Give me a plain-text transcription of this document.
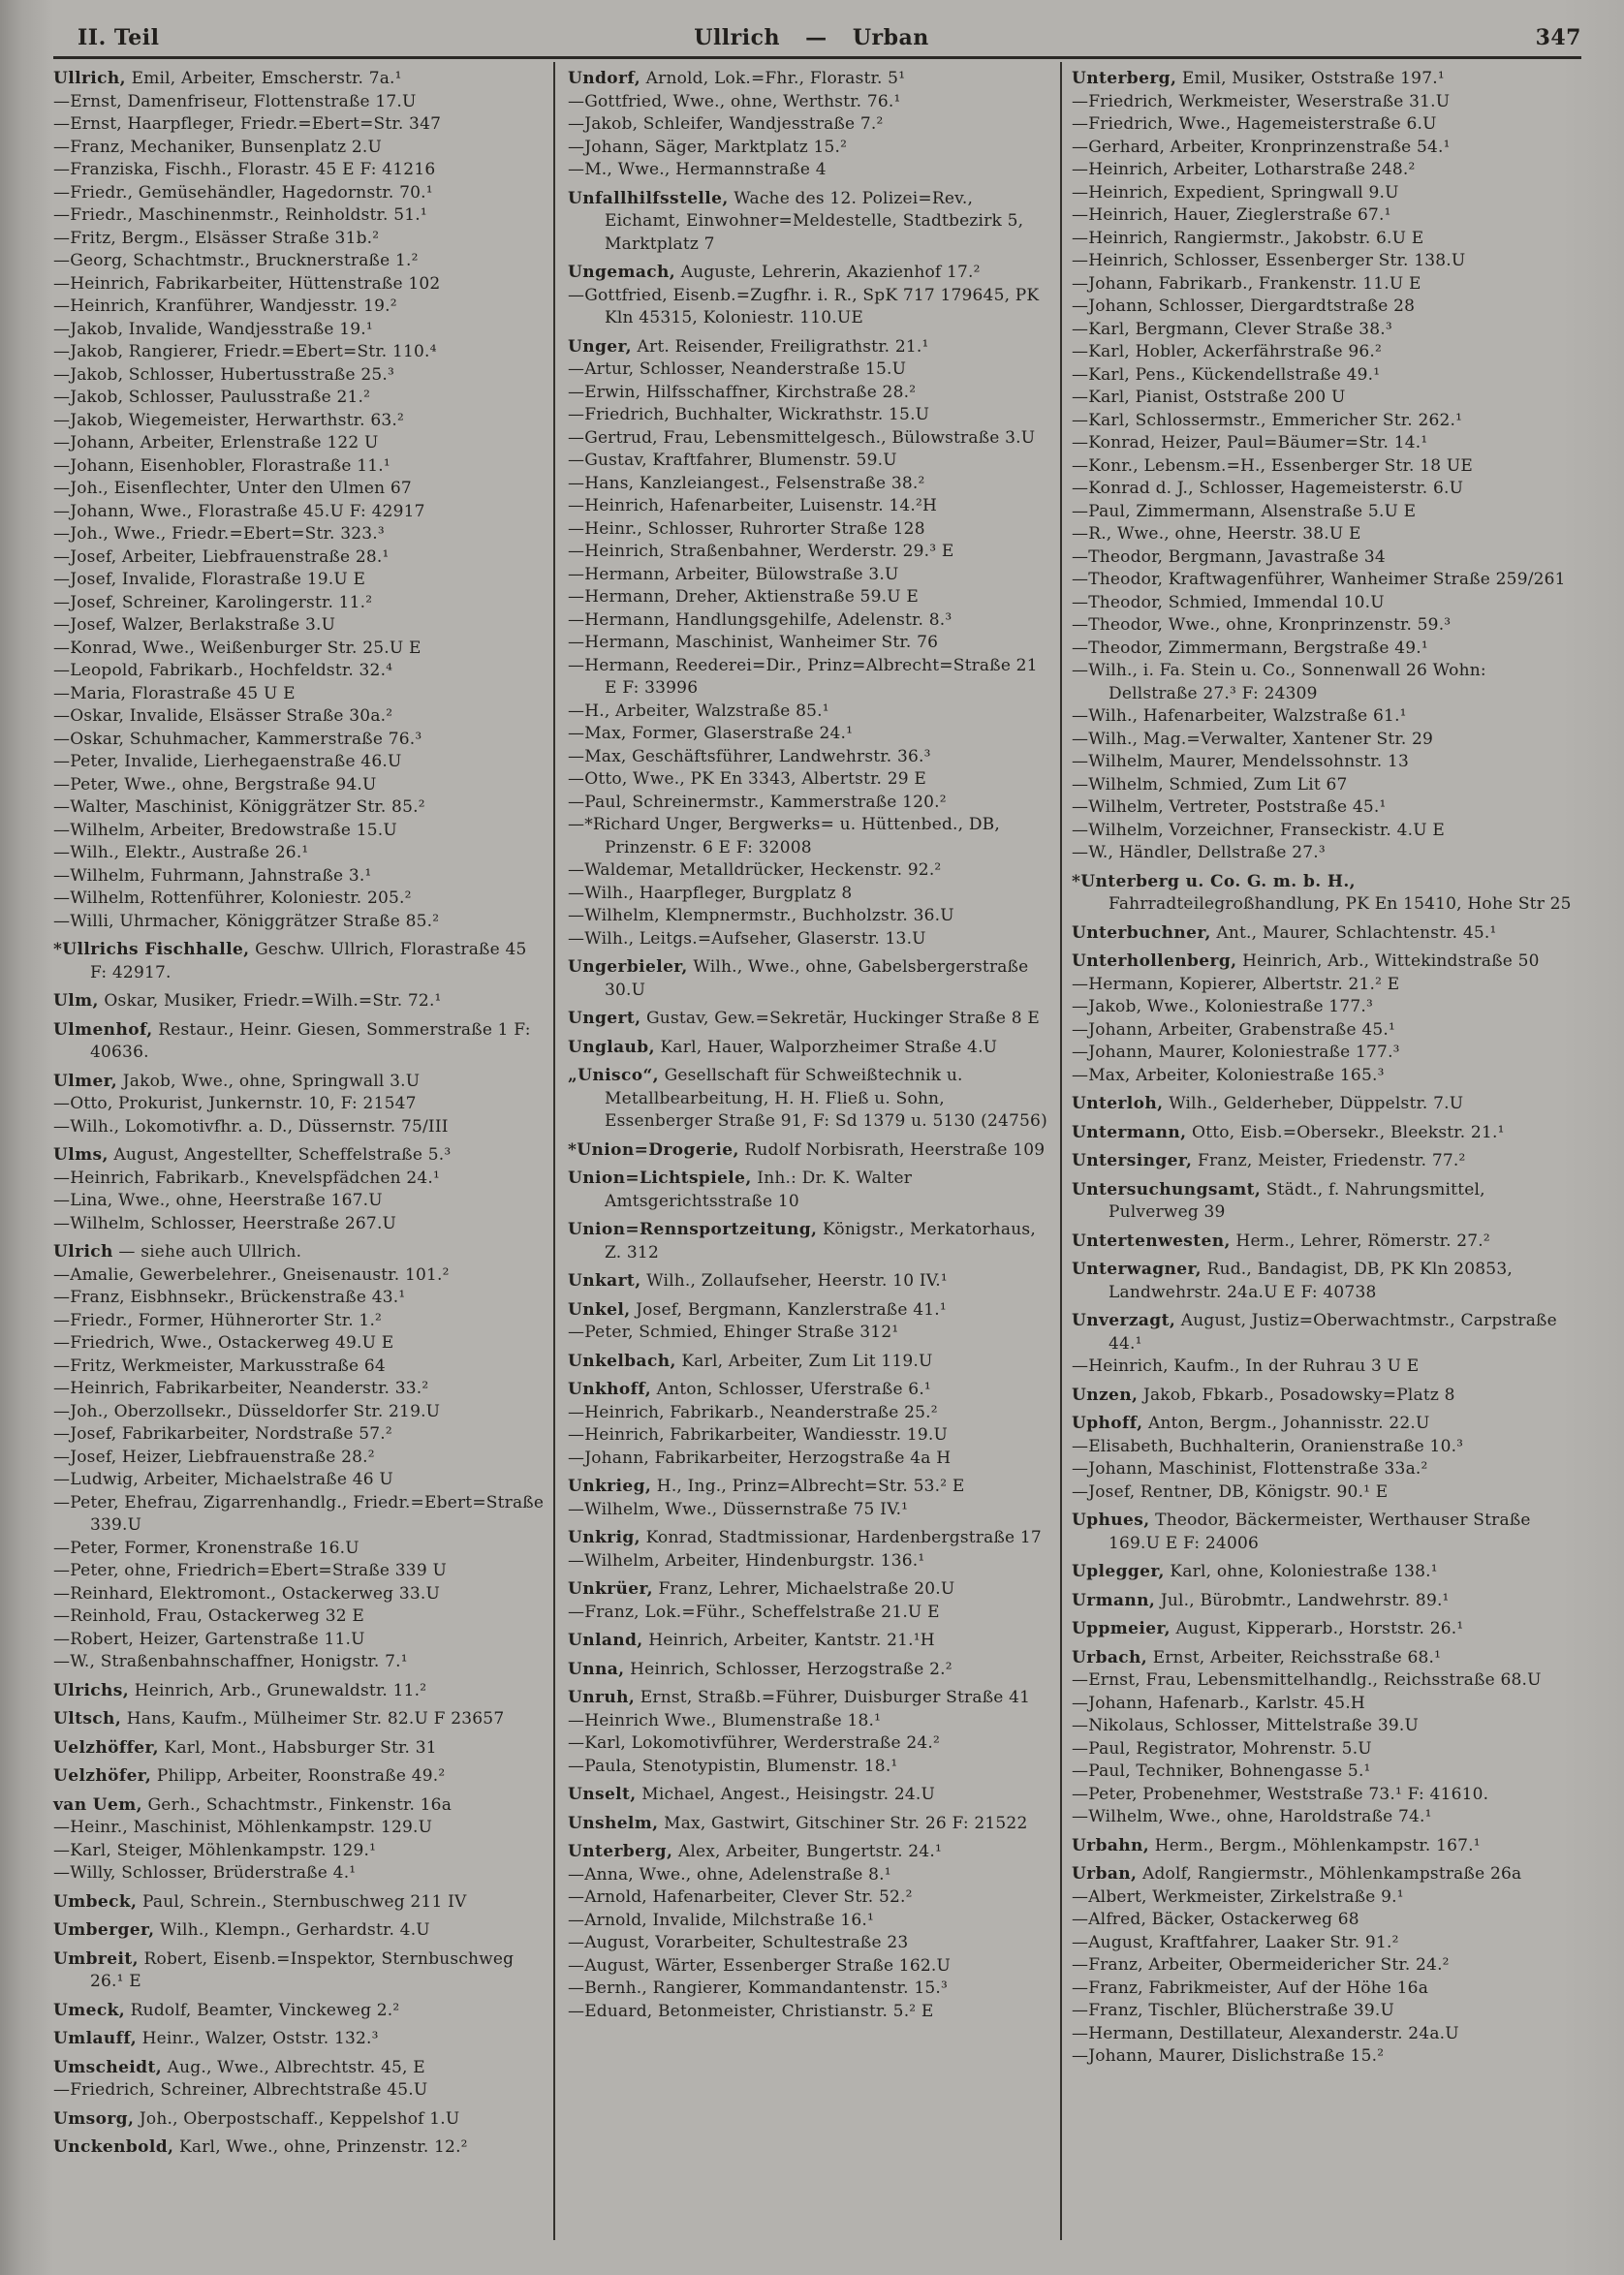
II. Teil	Ullrich — Urban	347
Ullrich, Emil, Arbeiter, Emscherstr. 7a.¹
—Ernst, Damenfriseur, Flottenstraße 17.U
—Ernst, Haarpfleger, Friedr.=Ebert=Str. 347
—Franz, Mechaniker, Bunsenplatz 2.U
—Franziska, Fischh., Florastr. 45 E F: 41216
—Friedr., Gemüsehändler, Hagedornstr. 70.¹
—Friedr., Maschinenmstr., Reinholdstr. 51.¹
—Fritz, Bergm., Elsässer Straße 31b.²
—Georg, Schachtmstr., Brucknerstraße 1.²
—Heinrich, Fabrikarbeiter, Hüttenstraße 102
—Heinrich, Kranführer, Wandjesstr. 19.²
—Jakob, Invalide, Wandjesstraße 19.¹
—Jakob, Rangierer, Friedr.=Ebert=Str. 110.⁴
—Jakob, Schlosser, Hubertusstraße 25.³
—Jakob, Schlosser, Paulusstraße 21.²
—Jakob, Wiegemeister, Herwarthstr. 63.²
—Johann, Arbeiter, Erlenstraße 122 U
—Johann, Eisenhobler, Florastraße 11.¹
—Joh., Eisenflechter, Unter den Ulmen 67
—Johann, Wwe., Florastraße 45.U F: 42917
—Joh., Wwe., Friedr.=Ebert=Str. 323.³
—Josef, Arbeiter, Liebfrauenstraße 28.¹
—Josef, Invalide, Florastraße 19.U E
—Josef, Schreiner, Karolingerstr. 11.²
—Josef, Walzer, Berlakstraße 3.U
—Konrad, Wwe., Weißenburger Str. 25.U E
—Leopold, Fabrikarb., Hochfeldstr. 32.⁴
—Maria, Florastraße 45 U E
—Oskar, Invalide, Elsässer Straße 30a.²
—Oskar, Schuhmacher, Kammerstraße 76.³
—Peter, Invalide, Lierhegaenstraße 46.U
—Peter, Wwe., ohne, Bergstraße 94.U
—Walter, Maschinist, Königgrätzer Str. 85.²
—Wilhelm, Arbeiter, Bredowstraße 15.U
—Wilh., Elektr., Austraße 26.¹
—Wilhelm, Fuhrmann, Jahnstraße 3.¹
—Wilhelm, Rottenführer, Koloniestr. 205.²
—Willi, Uhrmacher, Königgrätzer Straße 85.²
*Ullrichs Fischhalle, Geschw. Ullrich, Florastraße 45 F: 42917.
Ulm, Oskar, Musiker, Friedr.=Wilh.=Str. 72.¹
Ulmenhof, Restaur., Heinr. Giesen, Sommerstraße 1 F: 40636.
Ulmer, Jakob, Wwe., ohne, Springwall 3.U
—Otto, Prokurist, Junkernstr. 10, F: 21547
—Wilh., Lokomotivfhr. a. D., Düssernstr. 75/III
Ulms, August, Angestellter, Scheffelstraße 5.³
—Heinrich, Fabrikarb., Knevelspfädchen 24.¹
—Lina, Wwe., ohne, Heerstraße 167.U
—Wilhelm, Schlosser, Heerstraße 267.U
Ulrich — siehe auch Ullrich.
—Amalie, Gewerbelehrer., Gneisenaustr. 101.²
—Franz, Eisbhnsekr., Brückenstraße 43.¹
—Friedr., Former, Hühnerorter Str. 1.²
—Friedrich, Wwe., Ostackerweg 49.U E
—Fritz, Werkmeister, Markusstraße 64
—Heinrich, Fabrikarbeiter, Neanderstr. 33.²
—Joh., Oberzollsekr., Düsseldorfer Str. 219.U
—Josef, Fabrikarbeiter, Nordstraße 57.²
—Josef, Heizer, Liebfrauenstraße 28.²
—Ludwig, Arbeiter, Michaelstraße 46 U
—Peter, Ehefrau, Zigarrenhandlg., Friedr.=Ebert=Straße 339.U
—Peter, Former, Kronenstraße 16.U
—Peter, ohne, Friedrich=Ebert=Straße 339 U
—Reinhard, Elektromont., Ostackerweg 33.U
—Reinhold, Frau, Ostackerweg 32 E
—Robert, Heizer, Gartenstraße 11.U
—W., Straßenbahnschaffner, Honigstr. 7.¹
Ulrichs, Heinrich, Arb., Grunewaldstr. 11.²
Ultsch, Hans, Kaufm., Mülheimer Str. 82.U F 23657
Uelzhöffer, Karl, Mont., Habsburger Str. 31
Uelzhöfer, Philipp, Arbeiter, Roonstraße 49.²
van Uem, Gerh., Schachtmstr., Finkenstr. 16a
—Heinr., Maschinist, Möhlenkampstr. 129.U
—Karl, Steiger, Möhlenkampstr. 129.¹
—Willy, Schlosser, Brüderstraße 4.¹
Umbeck, Paul, Schrein., Sternbuschweg 211 IV
Umberger, Wilh., Klempn., Gerhardstr. 4.U
Umbreit, Robert, Eisenb.=Inspektor, Sternbuschweg 26.¹ E
Umeck, Rudolf, Beamter, Vinckeweg 2.²
Umlauff, Heinr., Walzer, Oststr. 132.³
Umscheidt, Aug., Wwe., Albrechtstr. 45, E
—Friedrich, Schreiner, Albrechtstraße 45.U
Umsorg, Joh., Oberpostschaff., Keppelshof 1.U
Unckenbold, Karl, Wwe., ohne, Prinzenstr. 12.²
Undorf, Arnold, Lok.=Fhr., Florastr. 5¹
—Gottfried, Wwe., ohne, Werthstr. 76.¹
—Jakob, Schleifer, Wandjesstraße 7.²
—Johann, Säger, Marktplatz 15.²
—M., Wwe., Hermannstraße 4
Unfallhilfsstelle, Wache des 12. Polizei=Rev., Eichamt, Einwohner=Meldestelle, Stadtbezirk 5, Marktplatz 7
Ungemach, Auguste, Lehrerin, Akazienhof 17.²
—Gottfried, Eisenb.=Zugfhr. i. R., SpK 717 179645, PK Kln 45315, Koloniestr. 110.UE
Unger, Art. Reisender, Freiligrathstr. 21.¹
—Artur, Schlosser, Neanderstraße 15.U
—Erwin, Hilfsschaffner, Kirchstraße 28.²
—Friedrich, Buchhalter, Wickrathstr. 15.U
—Gertrud, Frau, Lebensmittelgesch., Bülowstraße 3.U
—Gustav, Kraftfahrer, Blumenstr. 59.U
—Hans, Kanzleiangest., Felsenstraße 38.²
—Heinrich, Hafenarbeiter, Luisenstr. 14.²H
—Heinr., Schlosser, Ruhrorter Straße 128
—Heinrich, Straßenbahner, Werderstr. 29.³ E
—Hermann, Arbeiter, Bülowstraße 3.U
—Hermann, Dreher, Aktienstraße 59.U E
—Hermann, Handlungsgehilfe, Adelenstr. 8.³
—Hermann, Maschinist, Wanheimer Str. 76
—Hermann, Reederei=Dir., Prinz=Albrecht=Straße 21 E F: 33996
—H., Arbeiter, Walzstraße 85.¹
—Max, Former, Glaserstraße 24.¹
—Max, Geschäftsführer, Landwehrstr. 36.³
—Otto, Wwe., PK En 3343, Albertstr. 29 E
—Paul, Schreinermstr., Kammerstraße 120.²
—*Richard Unger, Bergwerks= u. Hüttenbed., DB, Prinzenstr. 6 E F: 32008
—Waldemar, Metalldrücker, Heckenstr. 92.²
—Wilh., Haarpfleger, Burgplatz 8
—Wilhelm, Klempnermstr., Buchholzstr. 36.U
—Wilh., Leitgs.=Aufseher, Glaserstr. 13.U
Ungerbieler, Wilh., Wwe., ohne, Gabelsbergerstraße 30.U
Ungert, Gustav, Gew.=Sekretär, Huckinger Straße 8 E
Unglaub, Karl, Hauer, Walporzheimer Straße 4.U
„Unisco“, Gesellschaft für Schweißtechnik u. Metallbearbeitung, H. H. Fließ u. Sohn, Essenberger Straße 91, F: Sd 1379 u. 5130 (24756)
*Union=Drogerie, Rudolf Norbisrath, Heerstraße 109
Union=Lichtspiele, Inh.: Dr. K. Walter Amtsgerichtsstraße 10
Union=Rennsportzeitung, Königstr., Merkatorhaus, Z. 312
Unkart, Wilh., Zollaufseher, Heerstr. 10 IV.¹
Unkel, Josef, Bergmann, Kanzlerstraße 41.¹
—Peter, Schmied, Ehinger Straße 312¹
Unkelbach, Karl, Arbeiter, Zum Lit 119.U
Unkhoff, Anton, Schlosser, Uferstraße 6.¹
—Heinrich, Fabrikarb., Neanderstraße 25.²
—Heinrich, Fabrikarbeiter, Wandiesstr. 19.U
—Johann, Fabrikarbeiter, Herzogstraße 4a H
Unkrieg, H., Ing., Prinz=Albrecht=Str. 53.² E
—Wilhelm, Wwe., Düssernstraße 75 IV.¹
Unkrig, Konrad, Stadtmissionar, Hardenbergstraße 17
—Wilhelm, Arbeiter, Hindenburgstr. 136.¹
Unkrüer, Franz, Lehrer, Michaelstraße 20.U
—Franz, Lok.=Führ., Scheffelstraße 21.U E
Unland, Heinrich, Arbeiter, Kantstr. 21.¹H
Unna, Heinrich, Schlosser, Herzogstraße 2.²
Unruh, Ernst, Straßb.=Führer, Duisburger Straße 41
—Heinrich Wwe., Blumenstraße 18.¹
—Karl, Lokomotivführer, Werderstraße 24.²
—Paula, Stenotypistin, Blumenstr. 18.¹
Unselt, Michael, Angest., Heisingstr. 24.U
Unshelm, Max, Gastwirt, Gitschiner Str. 26 F: 21522
Unterberg, Alex, Arbeiter, Bungertstr. 24.¹
—Anna, Wwe., ohne, Adelenstraße 8.¹
—Arnold, Hafenarbeiter, Clever Str. 52.²
—Arnold, Invalide, Milchstraße 16.¹
—August, Vorarbeiter, Schultestraße 23
—August, Wärter, Essenberger Straße 162.U
—Bernh., Rangierer, Kommandantenstr. 15.³
—Eduard, Betonmeister, Christianstr. 5.² E
Unterberg, Emil, Musiker, Oststraße 197.¹
—Friedrich, Werkmeister, Weserstraße 31.U
—Friedrich, Wwe., Hagemeisterstraße 6.U
—Gerhard, Arbeiter, Kronprinzenstraße 54.¹
—Heinrich, Arbeiter, Lotharstraße 248.²
—Heinrich, Expedient, Springwall 9.U
—Heinrich, Hauer, Zieglerstraße 67.¹
—Heinrich, Rangiermstr., Jakobstr. 6.U E
—Heinrich, Schlosser, Essenberger Str. 138.U
—Johann, Fabrikarb., Frankenstr. 11.U E
—Johann, Schlosser, Diergardtstraße 28
—Karl, Bergmann, Clever Straße 38.³
—Karl, Hobler, Ackerfährstraße 96.²
—Karl, Pens., Kückendellstraße 49.¹
—Karl, Pianist, Oststraße 200 U
—Karl, Schlossermstr., Emmericher Str. 262.¹
—Konrad, Heizer, Paul=Bäumer=Str. 14.¹
—Konr., Lebensm.=H., Essenberger Str. 18 UE
—Konrad d. J., Schlosser, Hagemeisterstr. 6.U
—Paul, Zimmermann, Alsenstraße 5.U E
—R., Wwe., ohne, Heerstr. 38.U E
—Theodor, Bergmann, Javastraße 34
—Theodor, Kraftwagenführer, Wanheimer Straße 259/261
—Theodor, Schmied, Immendal 10.U
—Theodor, Wwe., ohne, Kronprinzenstr. 59.³
—Theodor, Zimmermann, Bergstraße 49.¹
—Wilh., i. Fa. Stein u. Co., Sonnenwall 26 Wohn: Dellstraße 27.³ F: 24309
—Wilh., Hafenarbeiter, Walzstraße 61.¹
—Wilh., Mag.=Verwalter, Xantener Str. 29
—Wilhelm, Maurer, Mendelssohnstr. 13
—Wilhelm, Schmied, Zum Lit 67
—Wilhelm, Vertreter, Poststraße 45.¹
—Wilhelm, Vorzeichner, Franseckistr. 4.U E
—W., Händler, Dellstraße 27.³
*Unterberg u. Co. G. m. b. H., Fahrradteilegroßhandlung, PK En 15410, Hohe Str 25
Unterbuchner, Ant., Maurer, Schlachtenstr. 45.¹
Unterhollenberg, Heinrich, Arb., Wittekindstraße 50
—Hermann, Kopierer, Albertstr. 21.² E
—Jakob, Wwe., Koloniestraße 177.³
—Johann, Arbeiter, Grabenstraße 45.¹
—Johann, Maurer, Koloniestraße 177.³
—Max, Arbeiter, Koloniestraße 165.³
Unterloh, Wilh., Gelderheber, Düppelstr. 7.U
Untermann, Otto, Eisb.=Obersekr., Bleekstr. 21.¹
Untersinger, Franz, Meister, Friedenstr. 77.²
Untersuchungsamt, Städt., f. Nahrungsmittel, Pulverweg 39
Untertenwesten, Herm., Lehrer, Römerstr. 27.²
Unterwagner, Rud., Bandagist, DB, PK Kln 20853, Landwehrstr. 24a.U E F: 40738
Unverzagt, August, Justiz=Oberwachtmstr., Carpstraße 44.¹
—Heinrich, Kaufm., In der Ruhrau 3 U E
Unzen, Jakob, Fbkarb., Posadowsky=Platz 8
Uphoff, Anton, Bergm., Johannisstr. 22.U
—Elisabeth, Buchhalterin, Oranienstraße 10.³
—Johann, Maschinist, Flottenstraße 33a.²
—Josef, Rentner, DB, Königstr. 90.¹ E
Uphues, Theodor, Bäckermeister, Werthauser Straße 169.U E F: 24006
Uplegger, Karl, ohne, Koloniestraße 138.¹
Urmann, Jul., Bürobmtr., Landwehrstr. 89.¹
Uppmeier, August, Kipperarb., Horststr. 26.¹
Urbach, Ernst, Arbeiter, Reichsstraße 68.¹
—Ernst, Frau, Lebensmittelhandlg., Reichsstraße 68.U
—Johann, Hafenarb., Karlstr. 45.H
—Nikolaus, Schlosser, Mittelstraße 39.U
—Paul, Registrator, Mohrenstr. 5.U
—Paul, Techniker, Bohnengasse 5.¹
—Peter, Probenehmer, Weststraße 73.¹ F: 41610.
—Wilhelm, Wwe., ohne, Haroldstraße 74.¹
Urbahn, Herm., Bergm., Möhlenkampstr. 167.¹
Urban, Adolf, Rangiermstr., Möhlenkampstraße 26a
—Albert, Werkmeister, Zirkelstraße 9.¹
—Alfred, Bäcker, Ostackerweg 68
—August, Kraftfahrer, Laaker Str. 91.²
—Franz, Arbeiter, Obermeidericher Str. 24.²
—Franz, Fabrikmeister, Auf der Höhe 16a
—Franz, Tischler, Blücherstraße 39.U
—Hermann, Destillateur, Alexanderstr. 24a.U
—Johann, Maurer, Dislichstraße 15.²
